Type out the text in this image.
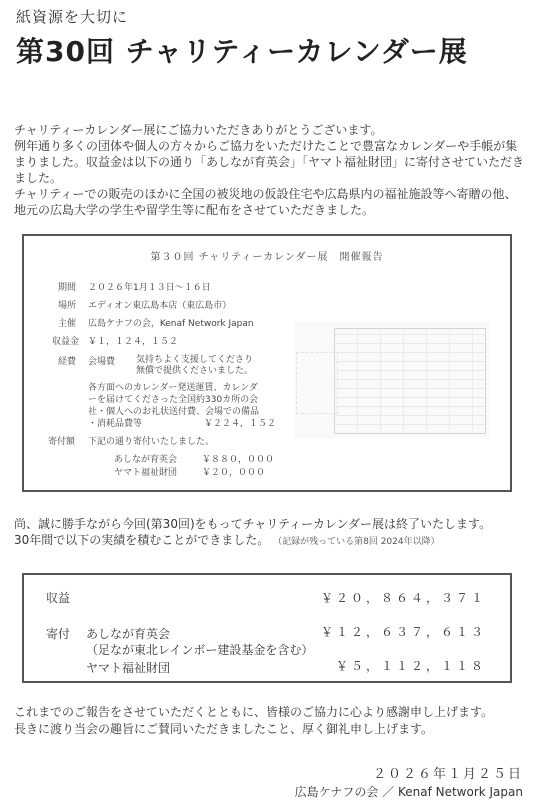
紙資源を大切に
第30回 チャリティーカレンダー展

チャリティーカレンダー展にご協力いただきありがとうございます。

例年通り多くの団体や個人の方々からご協力をいただけたことで豊富なカレンダーや手帳が集まりました。収益金は以下の通り「あしなが育英会」「ヤマト福祉財団」に寄付させていただきました。

チャリティーでの販売のほかに全国の被災地の仮設住宅や広島県内の福祉施設等へ寄贈の他、地元の広島大学の学生や留学生等に配布をさせていただきました。

第３０回 チャリティーカレンダー展　開催報告
期間 ２０２６年1月１３日～１６日
場所 エディオン東広島本店（東広島市）
主催 広島ケナフの会，Kenaf Network Japan
収益金 ￥１，１２４，１５２
経費 会場費 気持ちよく支援してくださり
無償で提供くださいました。
各方面へのカレンダー発送運賃、カレンダ
ーを届けてくださった全国約330カ所の会
社・個人へのお礼状送付費、会場での備品
・消耗品費等	￥２２４，１５２
寄付額 下記の通り寄付いたしました。
あしなが育英会	￥８８０，０００
ヤマト福祉財団	￥２０，０００
尚、誠に勝手ながら今回(第30回)をもってチャリティーカレンダー展は終了いたします。
30年間で以下の実績を積むことができました。 （記録が残っている第8回 2024年以降）
収益	￥２０，８６４，３７１
寄付 あしなが育英会	￥１２，６３７，６１３
（足なが東北レインボー建設基金を含む）
ヤマト福祉財団	￥５，１１２，１１８
これまでのご報告をさせていただくとともに、皆様のご協力に心より感謝申し上げます。
長きに渡り当会の趣旨にご賛同いただきましたこと、厚く御礼申し上げます。
２０２６年１月２５日
広島ケナフの会 ／ Kenaf Network Japan
